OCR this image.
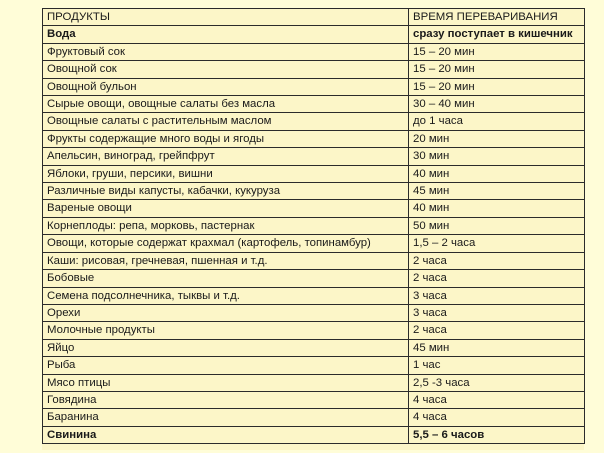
ПРОДУКТЫ	ВРЕМЯ ПЕРЕВАРИВАНИЯ
Вода	сразу поступает в кишечник
Фруктовый сок	15 – 20 мин
Овощной сок	15 – 20 мин
Овощной бульон	15 – 20 мин
Сырые овощи, овощные салаты без масла	30 – 40 мин
Овощные салаты с растительным маслом	до 1 часа
Фрукты содержащие много воды и ягоды	20 мин
Апельсин, виноград, грейпфрут	30 мин
Яблоки, груши, персики, вишни	40 мин
Различные виды капусты, кабачки, кукуруза	45 мин
Вареные овощи	40 мин
Корнеплоды: репа, морковь, пастернак	50 мин
Овощи, которые содержат крахмал (картофель, топинамбур)	1,5 – 2 часа
Каши: рисовая, гречневая, пшенная и т.д.	2 часа
Бобовые	2 часа
Семена подсолнечника, тыквы и т.д.	3 часа
Орехи	3 часа
Молочные продукты	2 часа
Яйцо	45 мин
Рыба	1 час
Мясо птицы	2,5 -3 часа
Говядина	4 часа
Баранина	4 часа
Свинина	5,5 – 6 часов
